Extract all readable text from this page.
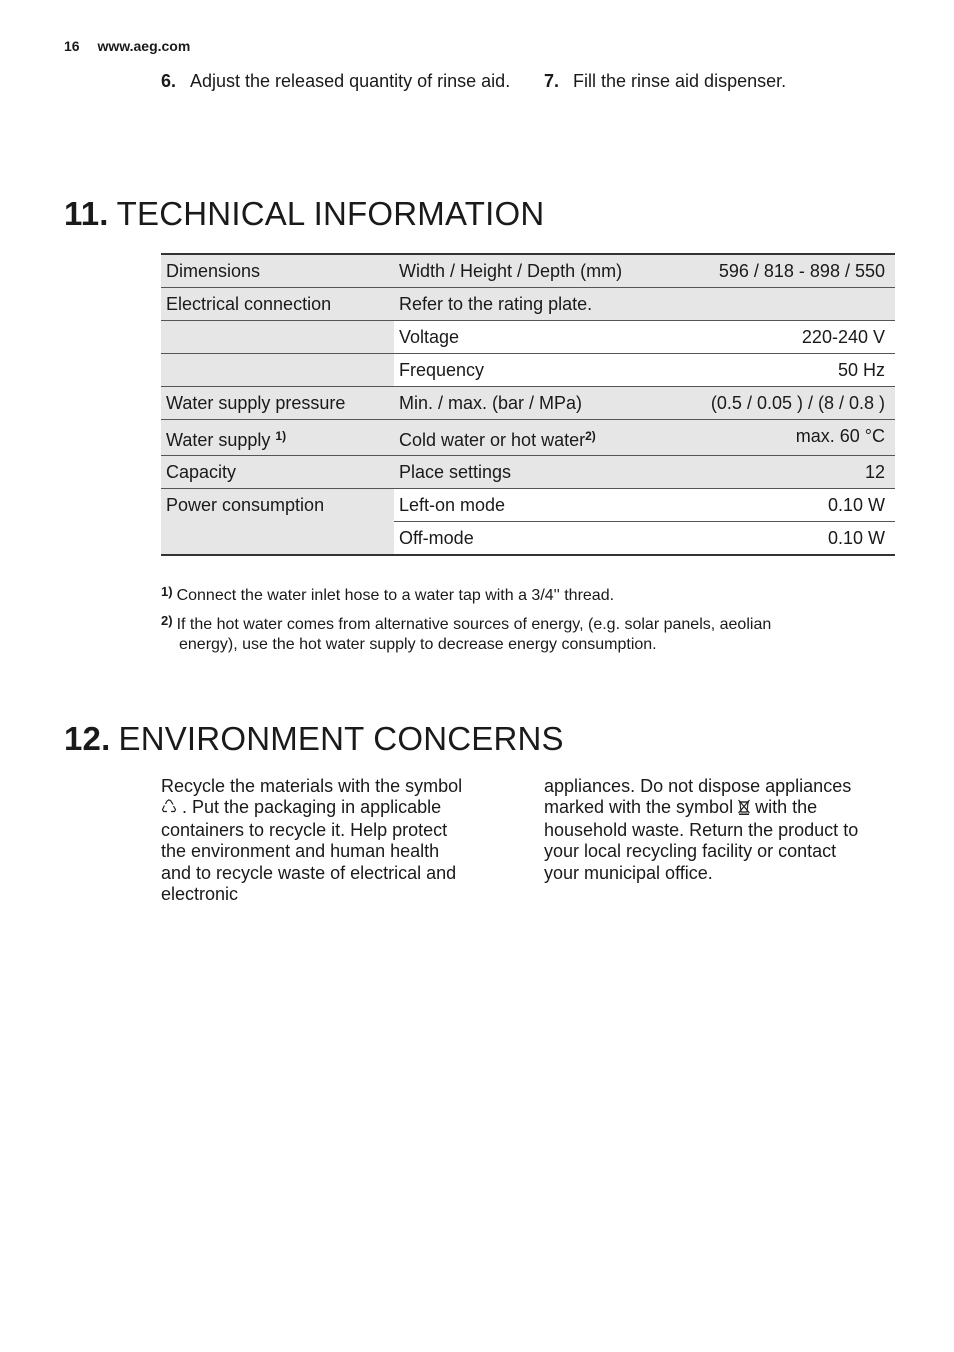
16 www.aeg.com
6. Adjust the released quantity of rinse aid. 7. Fill the rinse aid dispenser.
11. TECHNICAL INFORMATION
Dimensions	Width / Height / Depth (mm)	596 / 818 - 898 / 550
Electrical connection	Refer to the rating plate.	
	Voltage	220-240 V
	Frequency	50 Hz
Water supply pressure	Min. / max. (bar / MPa)	(0.5 / 0.05 ) / (8 / 0.8 )
Water supply $^{1)}$	Cold water or hot water$^{2)}$	max. 60 °C
Capacity	Place settings	12
Power consumption	Left-on mode	0.10 W
	Off-mode	0.10 W
$^{1)}$ Connect the water inlet hose to a water tap with a 3/4'' thread.
$^{2)}$ If the hot water comes from alternative sources of energy, (e.g. solar panels, aeolian
energy), use the hot water supply to decrease energy consumption.
12. ENVIRONMENT CONCERNS
Recycle the materials with the symbol  . Put the packaging in applicable containers to recycle it. Help protect the environment and human health and to recycle waste of electrical and electronic
appliances. Do not dispose appliances marked with the symbol with the household waste. Return the product to your local recycling facility or contact your municipal office.
